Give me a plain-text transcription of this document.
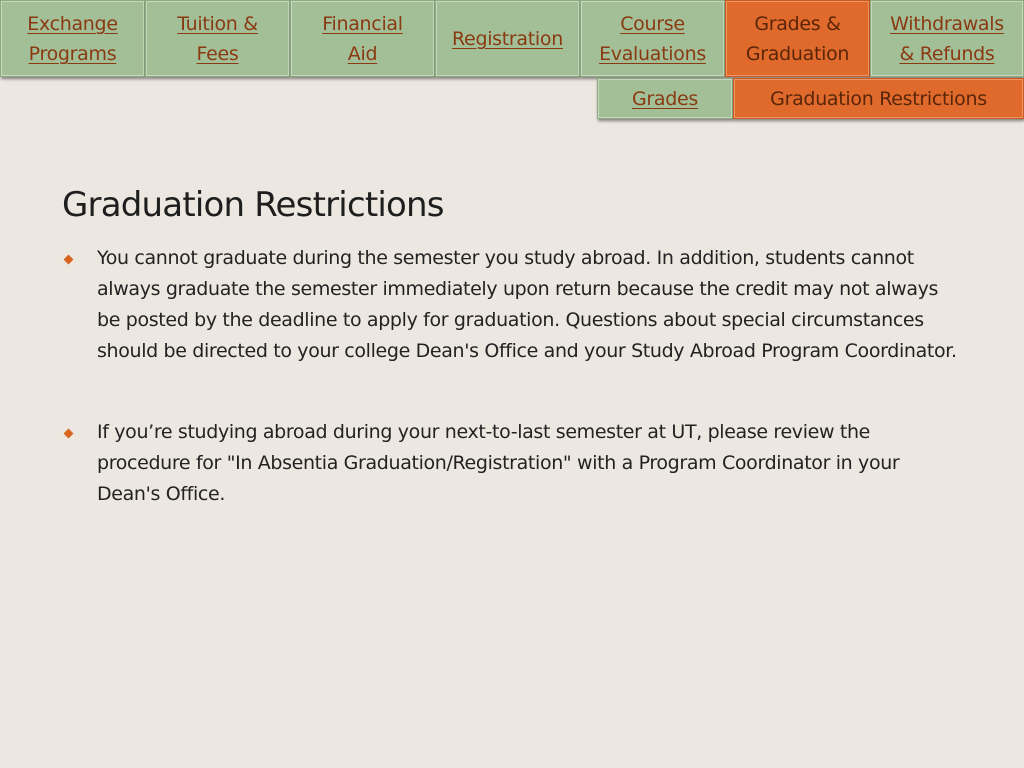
Exchange
Programs
Tuition &
Fees
Financial
Aid
Registration
Course
Evaluations
Grades &
Graduation
Withdrawals
& Refunds
Grades	Graduation Restrictions
Graduation Restrictions
You cannot graduate during the semester you study abroad. In addition, students cannot always graduate the semester immediately upon return because the credit may not always be posted by the deadline to apply for graduation. Questions about special circumstances should be directed to your college Dean's Office and your Study Abroad Program Coordinator.
If you’re studying abroad during your next-to-last semester at UT, please review the procedure for "In Absentia Graduation/Registration" with a Program Coordinator in your Dean's Office.
